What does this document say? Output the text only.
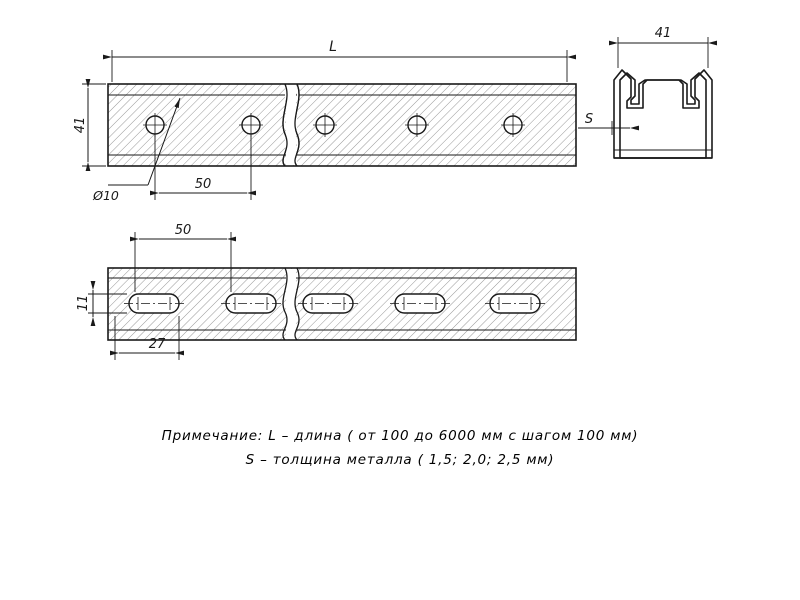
L
41
Ø10
50
41
S
50
11
27
Примечание: L – длина ( от 100 до 6000 мм с шагом 100 мм)
S – толщина металла ( 1,5; 2,0; 2,5 мм)
